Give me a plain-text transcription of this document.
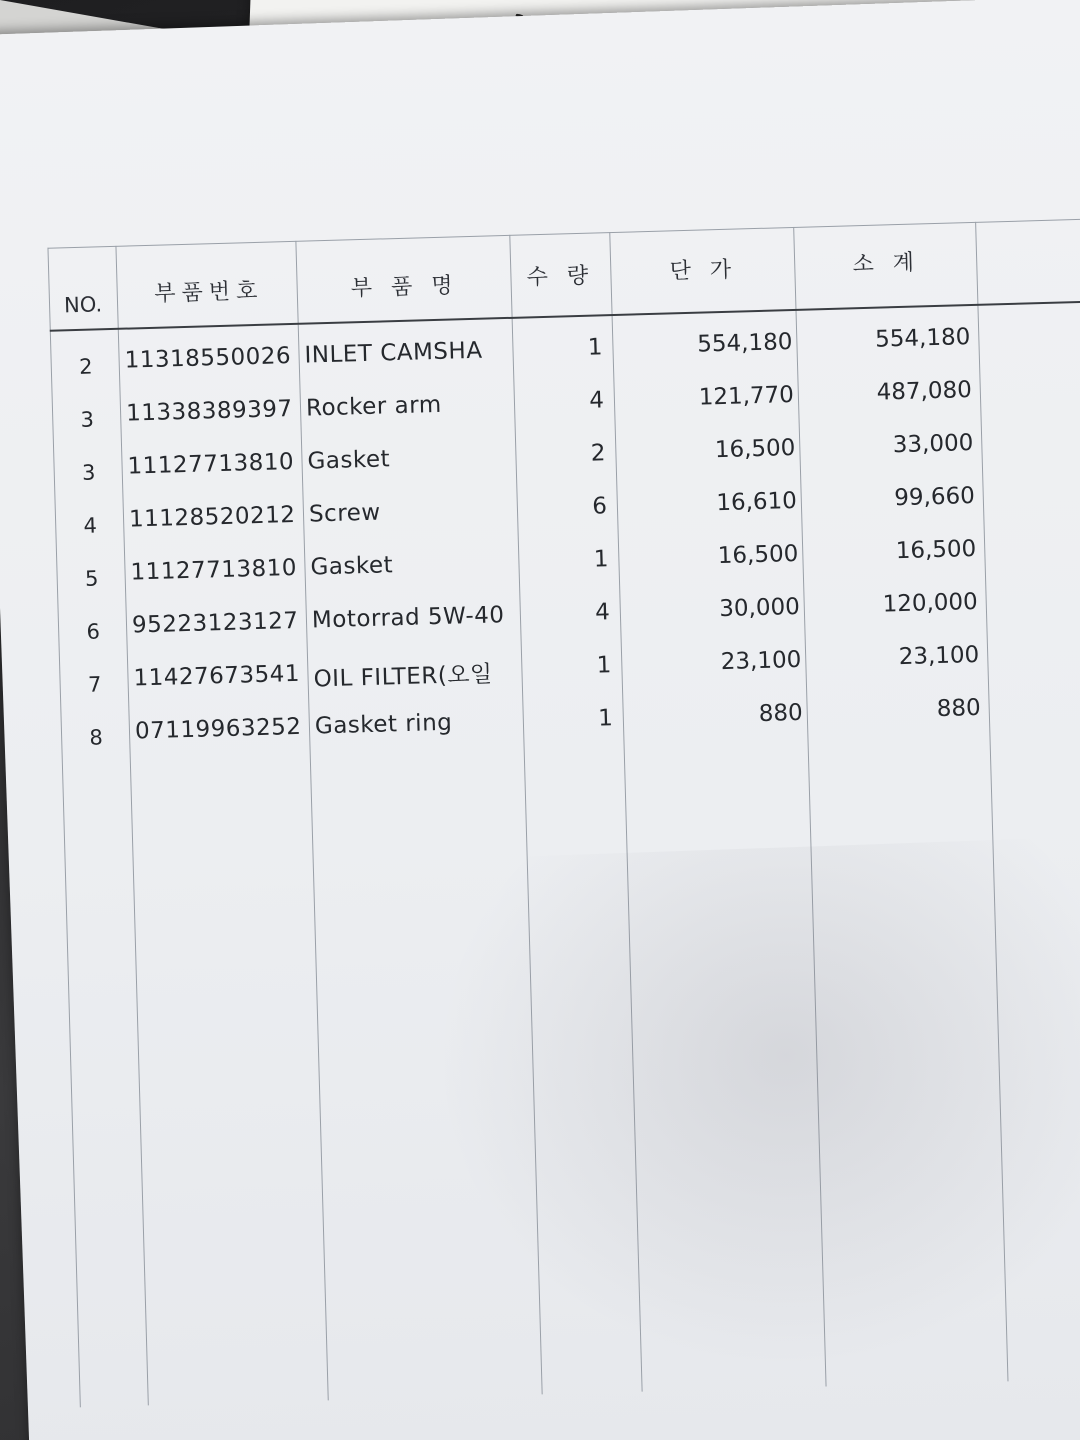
NO.	부품번호	부 품 명	수 량	단 가	소 계
2	11318550026 INLET CAMSHA	1	554,180	554,180
3	11338389397 Rocker arm	4	121,770	487,080
3	11127713810 Gasket	2	16,500	33,000
4	11128520212 Screw	6	16,610	99,660
5	11127713810 Gasket	1	16,500	16,500
6	95223123127 Motorrad 5W-40	4	30,000	120,000
7	11427673541 OIL FILTER(오일	1	23,100	23,100
8	07119963252 Gasket ring	1	880	880
